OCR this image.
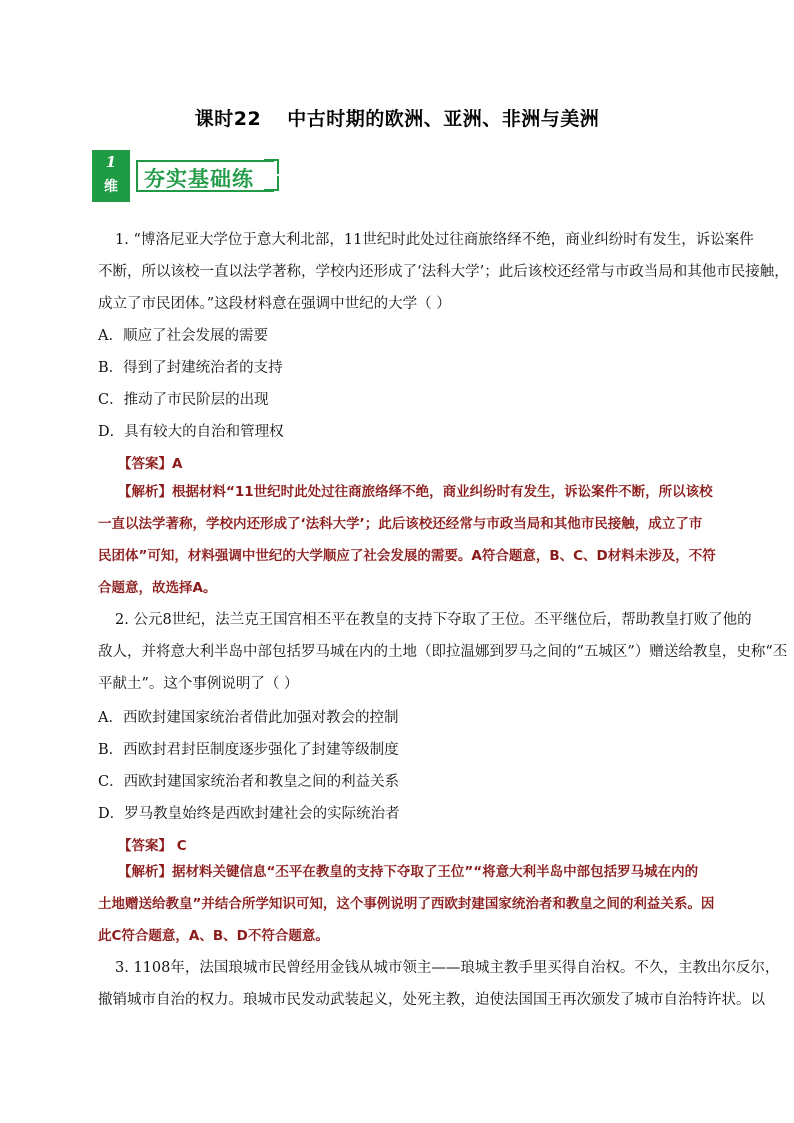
课时22 中古时期的欧洲、亚洲、非洲与美洲
1
维	夯实基础练
1. “博洛尼亚大学位于意大利北部，11世纪时此处过往商旅络绎不绝，商业纠纷时有发生，诉讼案件
不断，所以该校一直以法学著称，学校内还形成了‘法科大学’；此后该校还经常与市政当局和其他市民接触，
成立了市民团体。”这段材料意在强调中世纪的大学（ ）
A．顺应了社会发展的需要
B．得到了封建统治者的支持
C．推动了市民阶层的出现
D．具有较大的自治和管理权
【答案】A
【解析】根据材料“11世纪时此处过往商旅络绎不绝，商业纠纷时有发生，诉讼案件不断，所以该校
一直以法学著称，学校内还形成了‘法科大学’；此后该校还经常与市政当局和其他市民接触，成立了市
民团体”可知，材料强调中世纪的大学顺应了社会发展的需要。A符合题意，B、C、D材料未涉及，不符
合题意，故选择A。
2. 公元8世纪，法兰克王国宫相丕平在教皇的支持下夺取了王位。丕平继位后，帮助教皇打败了他的
敌人，并将意大利半岛中部包括罗马城在内的土地（即拉温娜到罗马之间的“五城区”）赠送给教皇，史称“丕
平献土”。这个事例说明了（ ）
A．西欧封建国家统治者借此加强对教会的控制
B．西欧封君封臣制度逐步强化了封建等级制度
C．西欧封建国家统治者和教皇之间的利益关系
D．罗马教皇始终是西欧封建社会的实际统治者
【答案】 C
【解析】据材料关键信息“丕平在教皇的支持下夺取了王位”“将意大利半岛中部包括罗马城在内的
土地赠送给教皇”并结合所学知识可知，这个事例说明了西欧封建国家统治者和教皇之间的利益关系。因
此C符合题意，A、B、D不符合题意。
3. 1108年，法国琅城市民曾经用金钱从城市领主——琅城主教手里买得自治权。不久，主教出尔反尔，
撤销城市自治的权力。琅城市民发动武装起义，处死主教，迫使法国国王再次颁发了城市自治特许状。以
